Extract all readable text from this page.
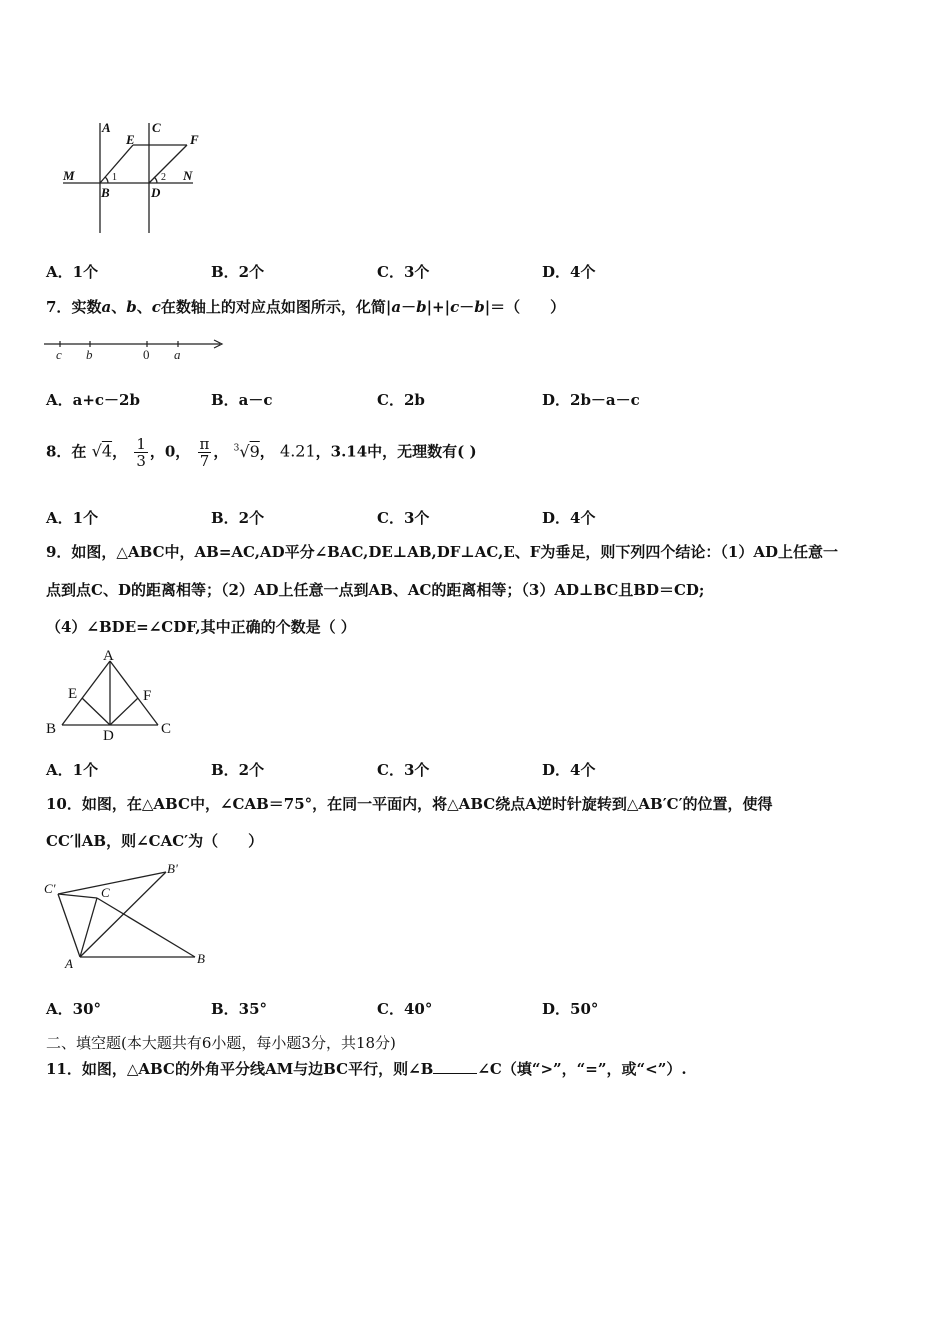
A	C
E	F
M	N
B	D
1	2
A．1个	B．2个	C．3个	D．4个
7．实数a、b、c在数轴上的对应点如图所示，化简|a－b|+|c－b|＝（　　）
c b	0 a
A．a+c－2b	B．a－c	C．2b	D．2b－a－c
8．在 √4， $\frac{1}{3}$ ，0， $\frac{\pi}{7}$ ， $^3$√9， 4.21，3.14中，无理数有( )
A．1个	B．2个	C．3个	D．4个
9．如图，△ABC中，AB=AC,AD平分∠BAC,DE⊥AB,DF⊥AC,E、F为垂足，则下列四个结论：（1）AD上任意一
点到点C、D的距离相等；（2）AD上任意一点到AB、AC的距离相等；（3）AD⊥BC且BD＝CD;
（4）∠BDE=∠CDF,其中正确的个数是（ ）
A
E	F
B	D	C
A．1个	B．2个	C．3个	D．4个
10．如图，在△ABC中，∠CAB＝75°，在同一平面内，将△ABC绕点A逆时针旋转到△AB′C′的位置，使得
CC′∥AB，则∠CAC′为（　　）
C'	C
B'
A	B
A．30°	B．35°	C．40°	D．50°
二、填空题(本大题共有6小题，每小题3分，共18分)
11．如图，△ABC的外角平分线AM与边BC平行，则∠B	∠C（填“>”，“=”，或“<”）.
